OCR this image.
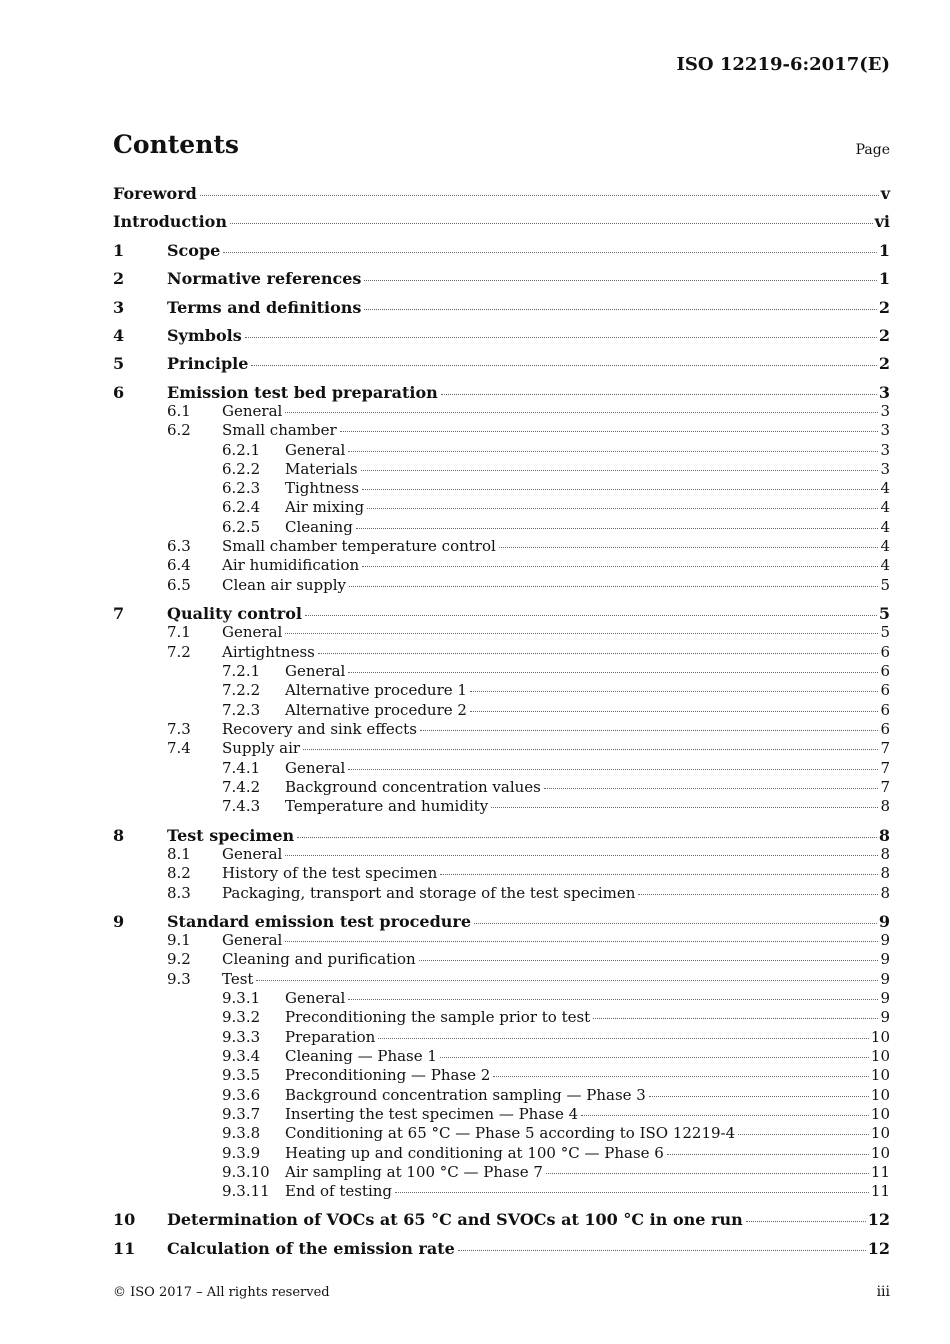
ISO 12219-6:2017(E)
Contents	Page
Foreword	v
Introduction	vi
1	Scope	1
2	Normative references	1
3	Terms and definitions	2
4	Symbols	2
5	Principle	2
6	Emission test bed preparation	3
6.1	General	3
6.2	Small chamber	3
6.2.1	General	3
6.2.2	Materials	3
6.2.3	Tightness	4
6.2.4	Air mixing	4
6.2.5	Cleaning	4
6.3	Small chamber temperature control	4
6.4	Air humidification	4
6.5	Clean air supply	5
7	Quality control	5
7.1	General	5
7.2	Airtightness	6
7.2.1	General	6
7.2.2	Alternative procedure 1	6
7.2.3	Alternative procedure 2	6
7.3	Recovery and sink effects	6
7.4	Supply air	7
7.4.1	General	7
7.4.2	Background concentration values	7
7.4.3	Temperature and humidity	8
8	Test specimen	8
8.1	General	8
8.2	History of the test specimen	8
8.3	Packaging, transport and storage of the test specimen	8
9	Standard emission test procedure	9
9.1	General	9
9.2	Cleaning and purification	9
9.3	Test	9
9.3.1	General	9
9.3.2	Preconditioning the sample prior to test	9
9.3.3	Preparation	10
9.3.4	Cleaning — Phase 1	10
9.3.5	Preconditioning — Phase 2	10
9.3.6	Background concentration sampling — Phase 3	10
9.3.7	Inserting the test specimen — Phase 4	10
9.3.8	Conditioning at 65 °C — Phase 5 according to ISO 12219-4	10
9.3.9	Heating up and conditioning at 100 °C — Phase 6	10
9.3.10	Air sampling at 100 °C — Phase 7	11
9.3.11	End of testing	11
10	Determination of VOCs at 65 °C and SVOCs at 100 °C in one run	12
11	Calculation of the emission rate	12
© ISO 2017 – All rights reserved	iii
